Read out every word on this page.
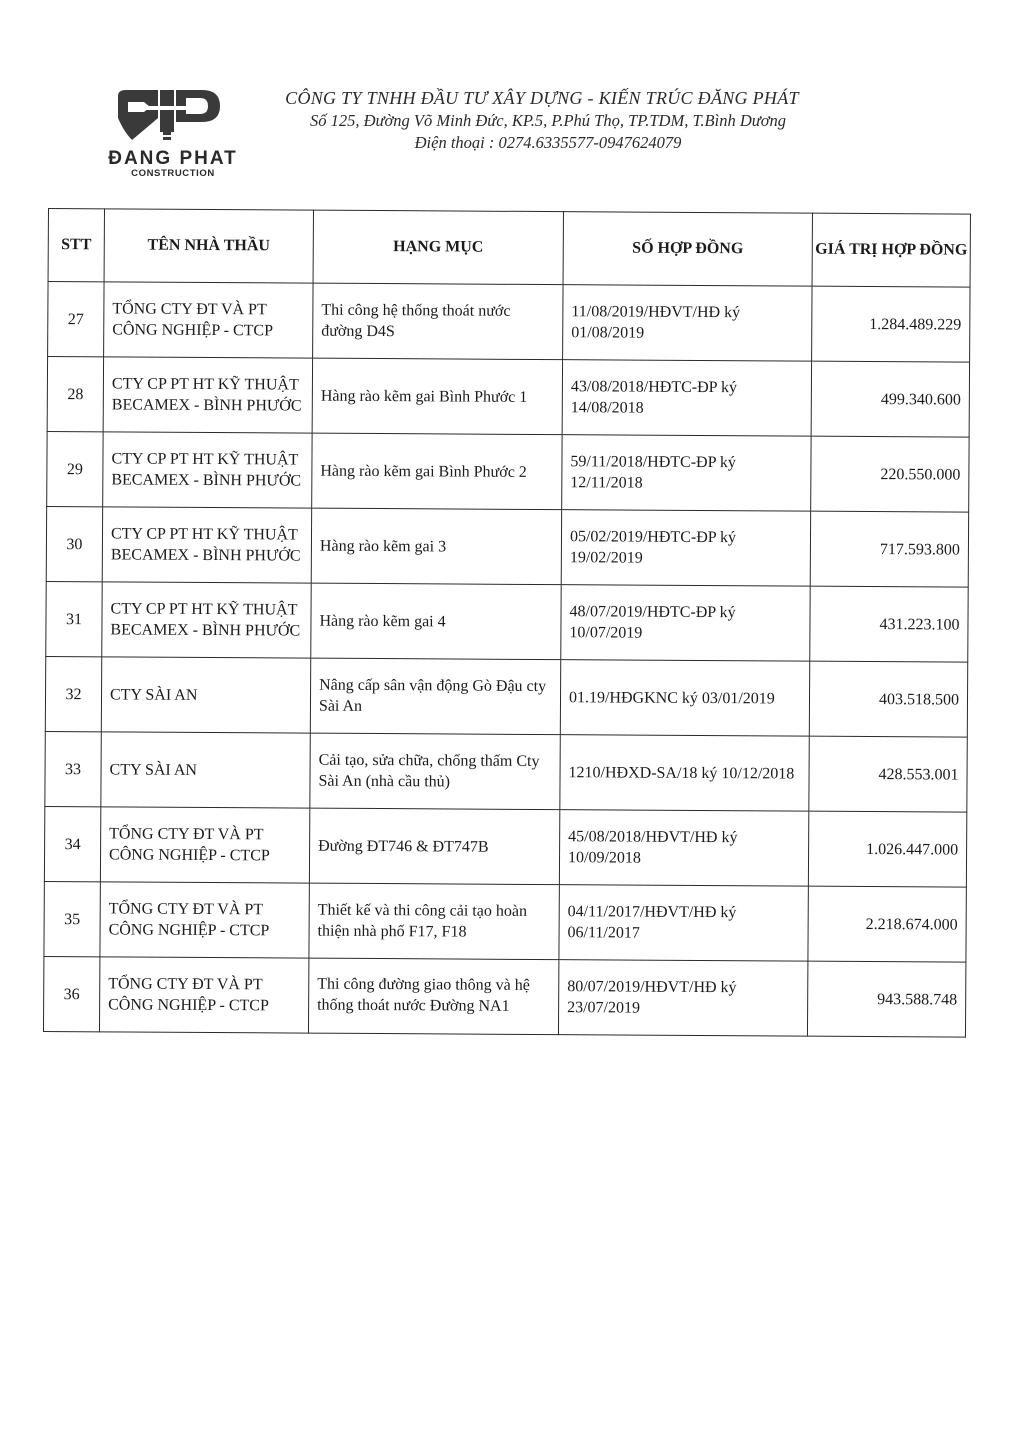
ĐANG PHAT
CONSTRUCTION
CÔNG TY TNHH ĐẦU TƯ XÂY DỰNG - KIẾN TRÚC ĐĂNG PHÁT
Số 125, Đường Võ Minh Đức, KP.5, P.Phú Thọ, TP.TDM, T.Bình Dương
Điện thoại : 0274.6335577-0947624079
STT	TÊN NHÀ THẦU	HẠNG MỤC	SỐ HỢP ĐỒNG	GIÁ TRỊ HỢP ĐỒNG
27	TỔNG CTY ĐT VÀ PT CÔNG NGHIỆP - CTCP	Thi công hệ thống thoát nước đường D4S	11/08/2019/HĐVT/HĐ ký 01/08/2019	1.284.489.229
28	CTY CP PT HT KỸ THUẬT BECAMEX - BÌNH PHƯỚC	Hàng rào kẽm gai Bình Phước 1	43/08/2018/HĐTC-ĐP ký 14/08/2018	499.340.600
29	CTY CP PT HT KỸ THUẬT BECAMEX - BÌNH PHƯỚC	Hàng rào kẽm gai Bình Phước 2	59/11/2018/HĐTC-ĐP ký 12/11/2018	220.550.000
30	CTY CP PT HT KỸ THUẬT BECAMEX - BÌNH PHƯỚC	Hàng rào kẽm gai 3	05/02/2019/HĐTC-ĐP ký 19/02/2019	717.593.800
31	CTY CP PT HT KỸ THUẬT BECAMEX - BÌNH PHƯỚC	Hàng rào kẽm gai 4	48/07/2019/HĐTC-ĐP ký 10/07/2019	431.223.100
32	CTY SÀI AN	Nâng cấp sân vận động Gò Đậu cty Sài An	01.19/HĐGKNC ký 03/01/2019	403.518.500
33	CTY SÀI AN	Cải tạo, sửa chữa, chống thấm Cty Sài An (nhà cầu thủ)	1210/HĐXD-SA/18 ký 10/12/2018	428.553.001
34	TỔNG CTY ĐT VÀ PT CÔNG NGHIỆP - CTCP	Đường ĐT746 & ĐT747B	45/08/2018/HĐVT/HĐ ký 10/09/2018	1.026.447.000
35	TỔNG CTY ĐT VÀ PT CÔNG NGHIỆP - CTCP	Thiết kế và thi công cải tạo hoàn thiện nhà phố F17, F18	04/11/2017/HĐVT/HĐ ký 06/11/2017	2.218.674.000
36	TỔNG CTY ĐT VÀ PT CÔNG NGHIỆP - CTCP	Thi công đường giao thông và hệ thống thoát nước Đường NA1	80/07/2019/HĐVT/HĐ ký 23/07/2019	943.588.748
